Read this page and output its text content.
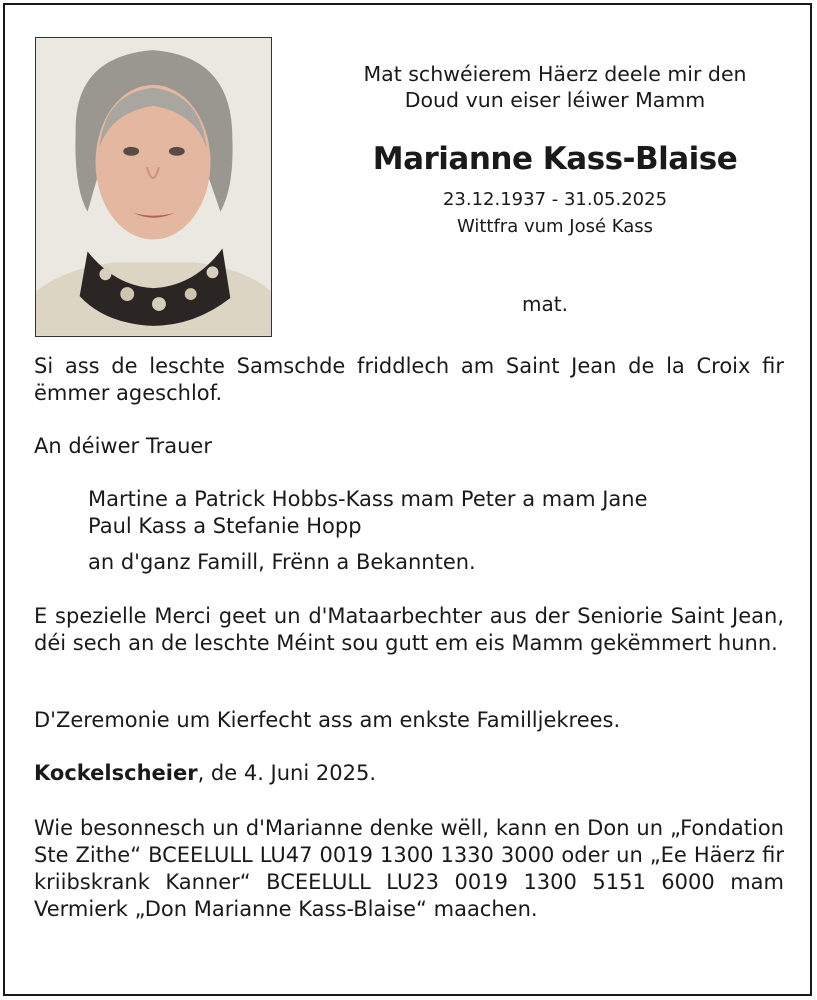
Mat schwéierem Häerz deele mir den
Doud vun eiser léiwer Mamm
Marianne Kass-Blaise
23.12.1937 - 31.05.2025
Wittfra vum José Kass
mat.
Si ass de leschte Samschde friddlech am Saint Jean de la Croix fir ëmmer ageschlof.
An déiwer Trauer
Martine a Patrick Hobbs-Kass mam Peter a mam Jane
Paul Kass a Stefanie Hopp
an d'ganz Famill, Frënn a Bekannten.
E spezielle Merci geet un d'Mataarbechter aus der Seniorie Saint Jean, déi sech an de leschte Méint sou gutt em eis Mamm gekëmmert hunn.
D'Zeremonie um Kierfecht ass am enkste Familljekrees.
Kockelscheier, de 4. Juni 2025.
Wie besonnesch un d'Marianne denke wëll, kann en Don un „Fondation Ste Zithe“ BCEELULL LU47 0019 1300 1330 3000 oder un „Ee Häerz fir kriibskrank Kanner“ BCEELULL LU23 0019 1300 5151 6000 mam Vermierk „Don Marianne Kass-Blaise“ maachen.
